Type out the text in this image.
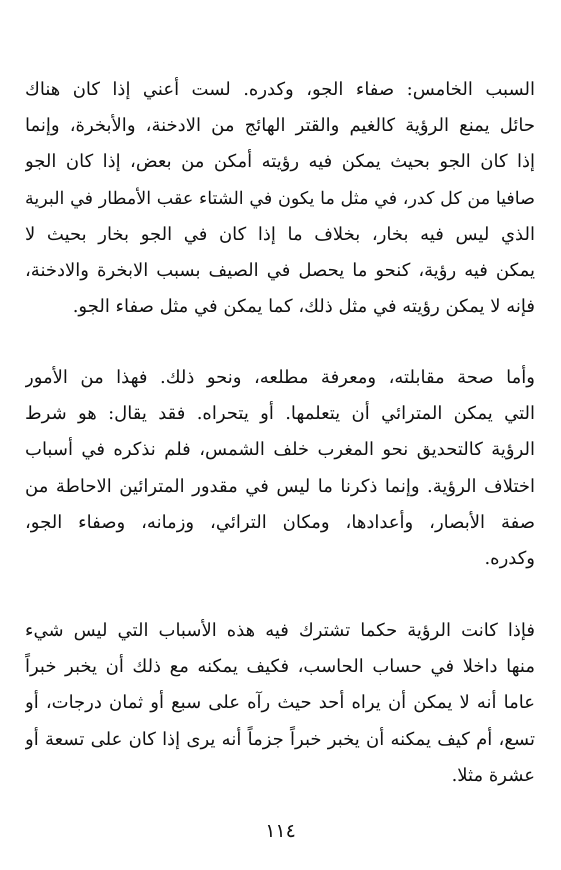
السبب الخامس: صفاء الجو، وكدره. لست أعني إذا كان هناك
حائل يمنع الرؤية كالغيم والقتر الهائج من الادخنة، والأبخرة، وإنما
إذا كان الجو بحيث يمكن فيه رؤيته أمكن من بعض، إذا كان الجو
صافيا من كل كدر، في مثل ما يكون في الشتاء عقب الأمطار في البرية
الذي ليس فيه بخار، بخلاف ما إذا كان في الجو بخار بحيث لا
يمكن فيه رؤية، كنحو ما يحصل في الصيف بسبب الابخرة والادخنة،
فإنه لا يمكن رؤيته في مثل ذلك، كما يمكن في مثل صفاء الجو.
وأما صحة مقابلته، ومعرفة مطلعه، ونحو ذلك. فهذا من الأمور
التي يمكن المترائي أن يتعلمها. أو يتحراه. فقد يقال: هو شرط
الرؤية كالتحديق نحو المغرب خلف الشمس، فلم نذكره في أسباب
اختلاف الرؤية. وإنما ذكرنا ما ليس في مقدور المترائين الاحاطة من
صفة الأبصار، وأعدادها، ومكان الترائي، وزمانه، وصفاء الجو،
وكدره.
فإذا كانت الرؤية حكما تشترك فيه هذه الأسباب التي ليس شيء
منها داخلا في حساب الحاسب، فكيف يمكنه مع ذلك أن يخبر خبراً
عاما أنه لا يمكن أن يراه أحد حيث رآه على سبع أو ثمان درجات، أو
تسع، أم كيف يمكنه أن يخبر خبراً جزماً أنه يرى إذا كان على تسعة أو
عشرة مثلا.
١١٤
